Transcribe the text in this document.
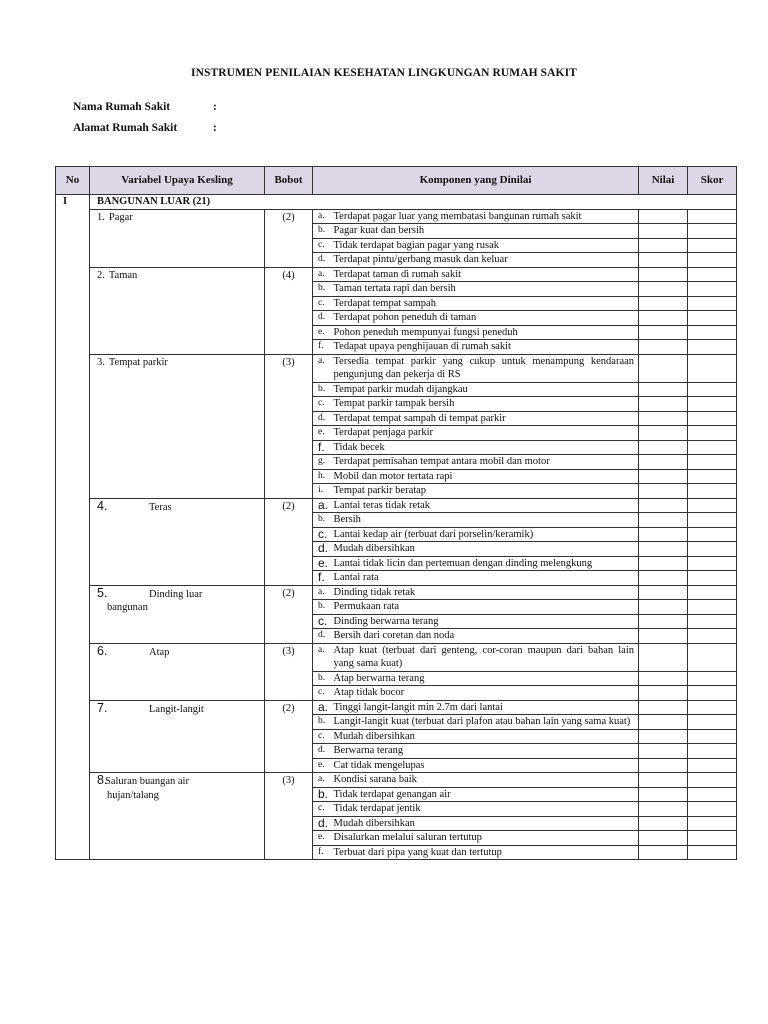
INSTRUMEN PENILAIAN KESEHATAN LINGKUNGAN RUMAH SAKIT
Nama Rumah Sakit	:
Alamat Rumah Sakit	:
No	Variabel Upaya Kesling	Bobot	Komponen yang Dinilai		Nilai	Skor
I	BANGUNAN LUAR (21)					
	1. Pagar	(2)	a.	Terdapat pagar luar yang membatasi bangunan rumah sakit		
			b.	Pagar kuat dan bersih		
			c.	Tidak terdapat bagian pagar yang rusak		
			d.	Terdapat pintu/gerbang masuk dan keluar		
	2. Taman	(4)	a.	Terdapat taman di rumah sakit		
			b.	Taman tertata rapi dan bersih		
			c.	Terdapat tempat sampah		
			d.	Terdapat pohon peneduh di taman		
			e.	Pohon peneduh mempunyai fungsi peneduh		
			f.	Tedapat upaya penghijauan di rumah sakit		
	3. Tempat parkir	(3)	a.	Tersedia tempat parkir yang cukup untuk menampung kendaraan pengunjung dan pekerja di RS		
			b.	Tempat parkir mudah dijangkau		
			c.	Tempat parkir tampak bersih		
			d.	Terdapat tempat sampah di tempat parkir		
			e.	Terdapat penjaga parkir		
			f.	Tidak becek		
			g.	Terdapat pemisahan tempat antara mobil dan motor		
			h.	Mobil dan motor tertata rapi		
			i.	Tempat parkir beratap		
	4. Teras	(2)	a.	Lantai teras tidak retak		
			b.	Bersih		
			c.	Lantai kedap air (terbuat dari porselin/keramik)		
			d.	Mudah dibersihkan		
			e.	Lantai tidak licin dan pertemuan dengan dinding melengkung		
			f.	Lantai rata		
	5. Dinding luar
bangunan	(2)	a.	Dinding tidak retak		
			b.	Permukaan rata		
			c.	Dinding berwarna terang		
			d.	Bersih dari coretan dan noda		
	6. Atap	(3)	a.	Atap kuat (terbuat dari genteng, cor-coran maupun dari bahan lain yang sama kuat)		
			b.	Atap berwarna terang		
			c.	Atap tidak bocor		
	7. Langit-langit	(2)	a.	Tinggi langit-langit min 2.7m dari lantai		
			b.	Langit-langit kuat (terbuat dari plafon atau bahan lain yang sama kuat)		
			c.	Mudah dibersihkan		
			d.	Berwarna terang		
			e.	Cat tidak mengelupas		
	8.Saluran buangan air
hujan/talang	(3)	a.	Kondisi sarana baik		
			b.	Tidak terdapat genangan air		
			c.	Tidak terdapat jentik		
			d.	Mudah dibersihkan		
			e.	Disalurkan melalui saluran tertutup		
			f.	Terbuat dari pipa yang kuat dan tertutup		
